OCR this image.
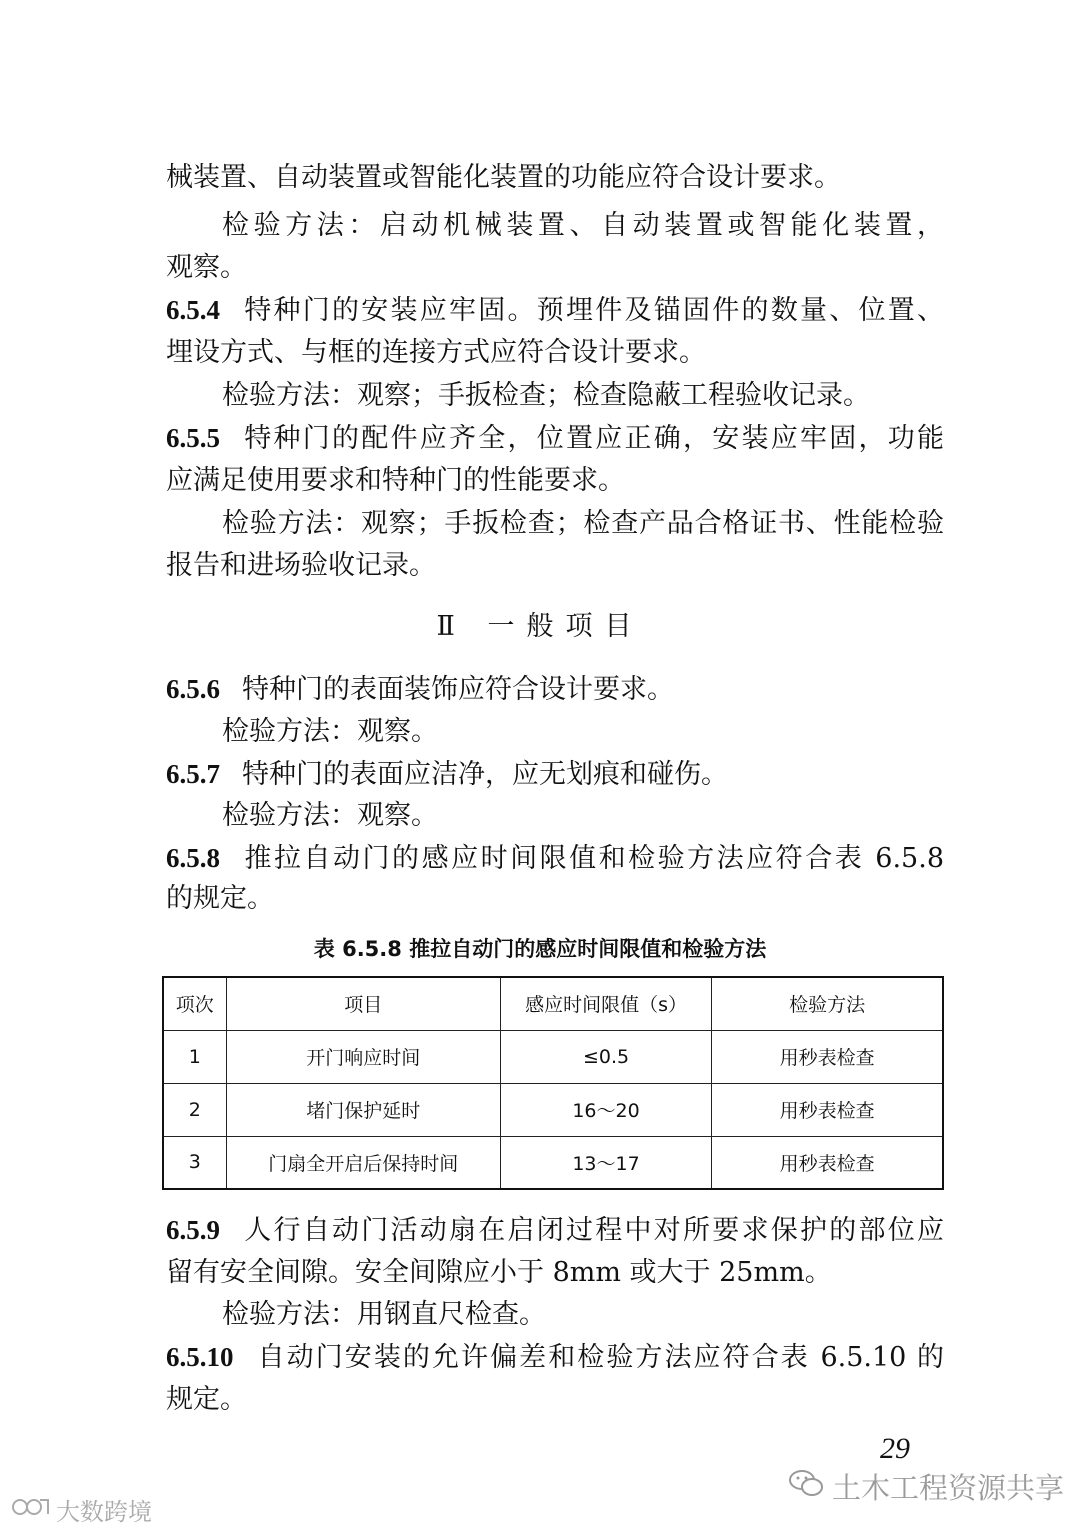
械装置、自动装置或智能化装置的功能应符合设计要求。

检验方法：启动机械装置、自动装置或智能化装置，

观察。

6.5.4 特种门的安装应牢固。预埋件及锚固件的数量、位置、

埋设方式、与框的连接方式应符合设计要求。

检验方法：观察；手扳检查；检查隐蔽工程验收记录。

6.5.5 特种门的配件应齐全，位置应正确，安装应牢固，功能

应满足使用要求和特种门的性能要求。

检验方法：观察；手扳检查；检查产品合格证书、性能检验

报告和进场验收记录。

Ⅱ 一般项目

6.5.6 特种门的表面装饰应符合设计要求。

检验方法：观察。

6.5.7 特种门的表面应洁净，应无划痕和碰伤。

检验方法：观察。

6.5.8 推拉自动门的感应时间限值和检验方法应符合表 6.5.8

的规定。

表 6.5.8 推拉自动门的感应时间限值和检验方法

项次	项目	感应时间限值（s）	检验方法
1	开门响应时间	≤0.5	用秒表检查
2	堵门保护延时	16～20	用秒表检查
3	门扇全开启后保持时间	13～17	用秒表检查

6.5.9 人行自动门活动扇在启闭过程中对所要求保护的部位应

留有安全间隙。安全间隙应小于 8mm 或大于 25mm。

检验方法：用钢直尺检查。

6.5.10 自动门安装的允许偏差和检验方法应符合表 6.5.10 的

规定。

29

大数跨境
土木工程资源共享
